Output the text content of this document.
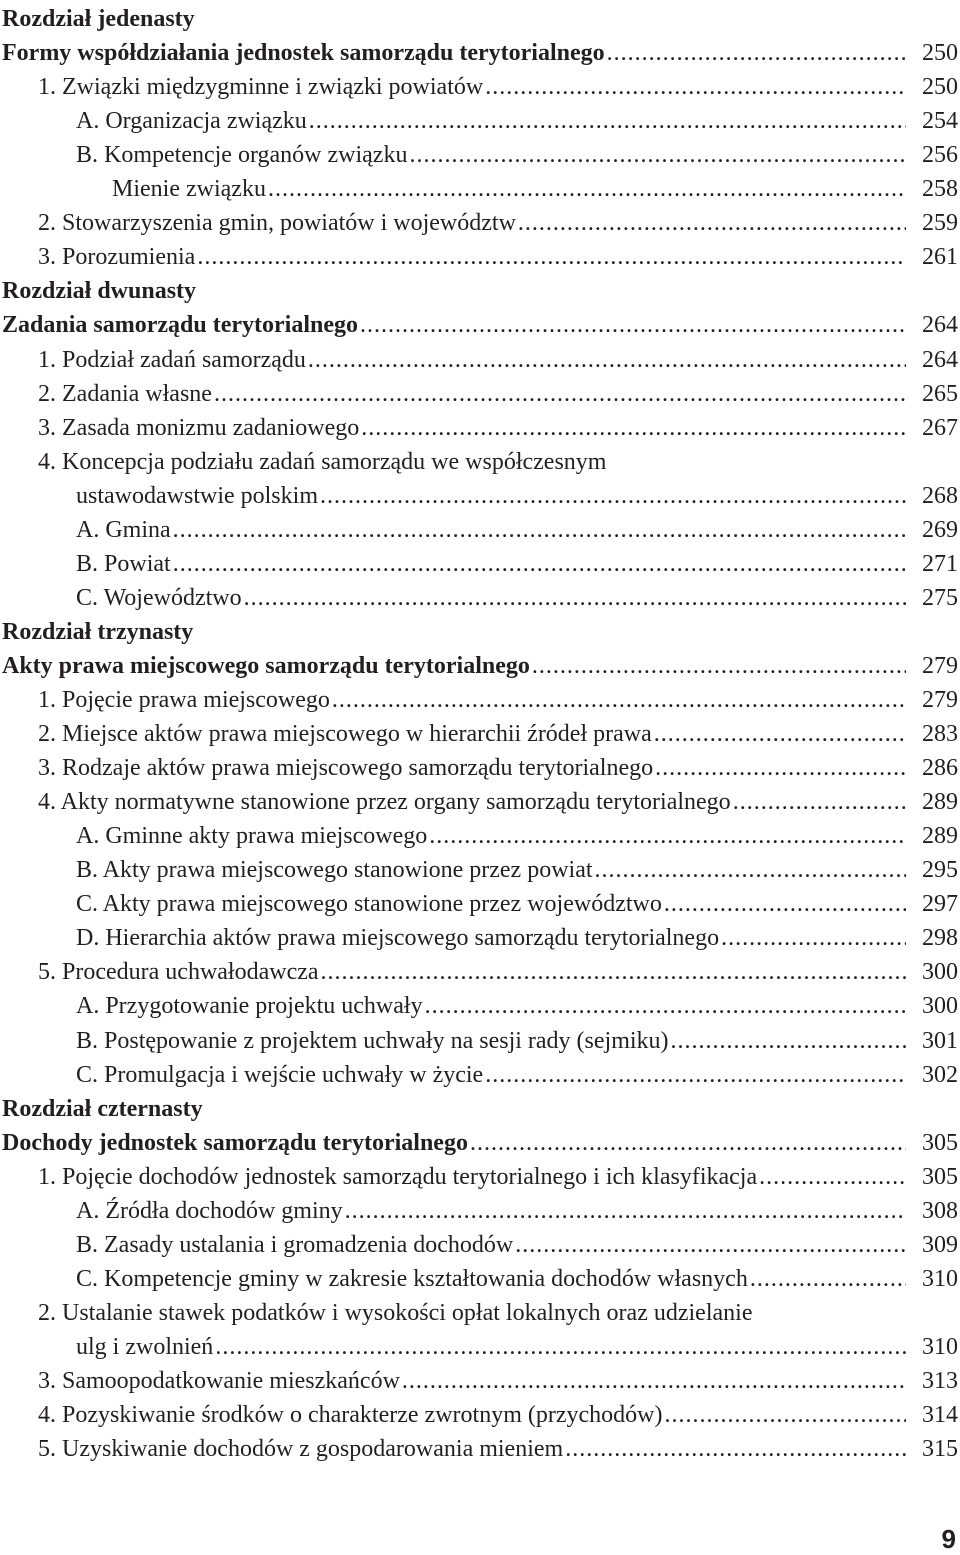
Rozdział jedenasty
Formy współdziałania jednostek samorządu terytorialnego .....	250
1. Związki międzygminne i związki powiatów .....	250
A. Organizacja związku .....	254
B. Kompetencje organów związku .....	256
Mienie związku .....	258
2. Stowarzyszenia gmin, powiatów i województw .....	259
3. Porozumienia .....	261
Rozdział dwunasty
Zadania samorządu terytorialnego .....	264
1. Podział zadań samorządu .....	264
2. Zadania własne .....	265
3. Zasada monizmu zadaniowego .....	267
4. Koncepcja podziału zadań samorządu we współczesnym
ustawodawstwie polskim .....	268
A. Gmina .....	269
B. Powiat .....	271
C. Województwo .....	275
Rozdział trzynasty
Akty prawa miejscowego samorządu terytorialnego .....	279
1. Pojęcie prawa miejscowego .....	279
2. Miejsce aktów prawa miejscowego w hierarchii źródeł prawa .....	283
3. Rodzaje aktów prawa miejscowego samorządu terytorialnego .....	286
4. Akty normatywne stanowione przez organy samorządu terytorialnego .....	289
A. Gminne akty prawa miejscowego .....	289
B. Akty prawa miejscowego stanowione przez powiat .....	295
C. Akty prawa miejscowego stanowione przez województwo .....	297
D. Hierarchia aktów prawa miejscowego samorządu terytorialnego .....	298
5. Procedura uchwałodawcza .....	300
A. Przygotowanie projektu uchwały .....	300
B. Postępowanie z projektem uchwały na sesji rady (sejmiku) .....	301
C. Promulgacja i wejście uchwały w życie .....	302
Rozdział czternasty
Dochody jednostek samorządu terytorialnego .....	305
1. Pojęcie dochodów jednostek samorządu terytorialnego i ich klasyfikacja .....	305
A. Źródła dochodów gminy .....	308
B. Zasady ustalania i gromadzenia dochodów .....	309
C. Kompetencje gminy w zakresie kształtowania dochodów własnych .....	310
2. Ustalanie stawek podatków i wysokości opłat lokalnych oraz udzielanie
ulg i zwolnień .....	310
3. Samoopodatkowanie mieszkańców .....	313
4. Pozyskiwanie środków o charakterze zwrotnym (przychodów) .....	314
5. Uzyskiwanie dochodów z gospodarowania mieniem .....	315
9
